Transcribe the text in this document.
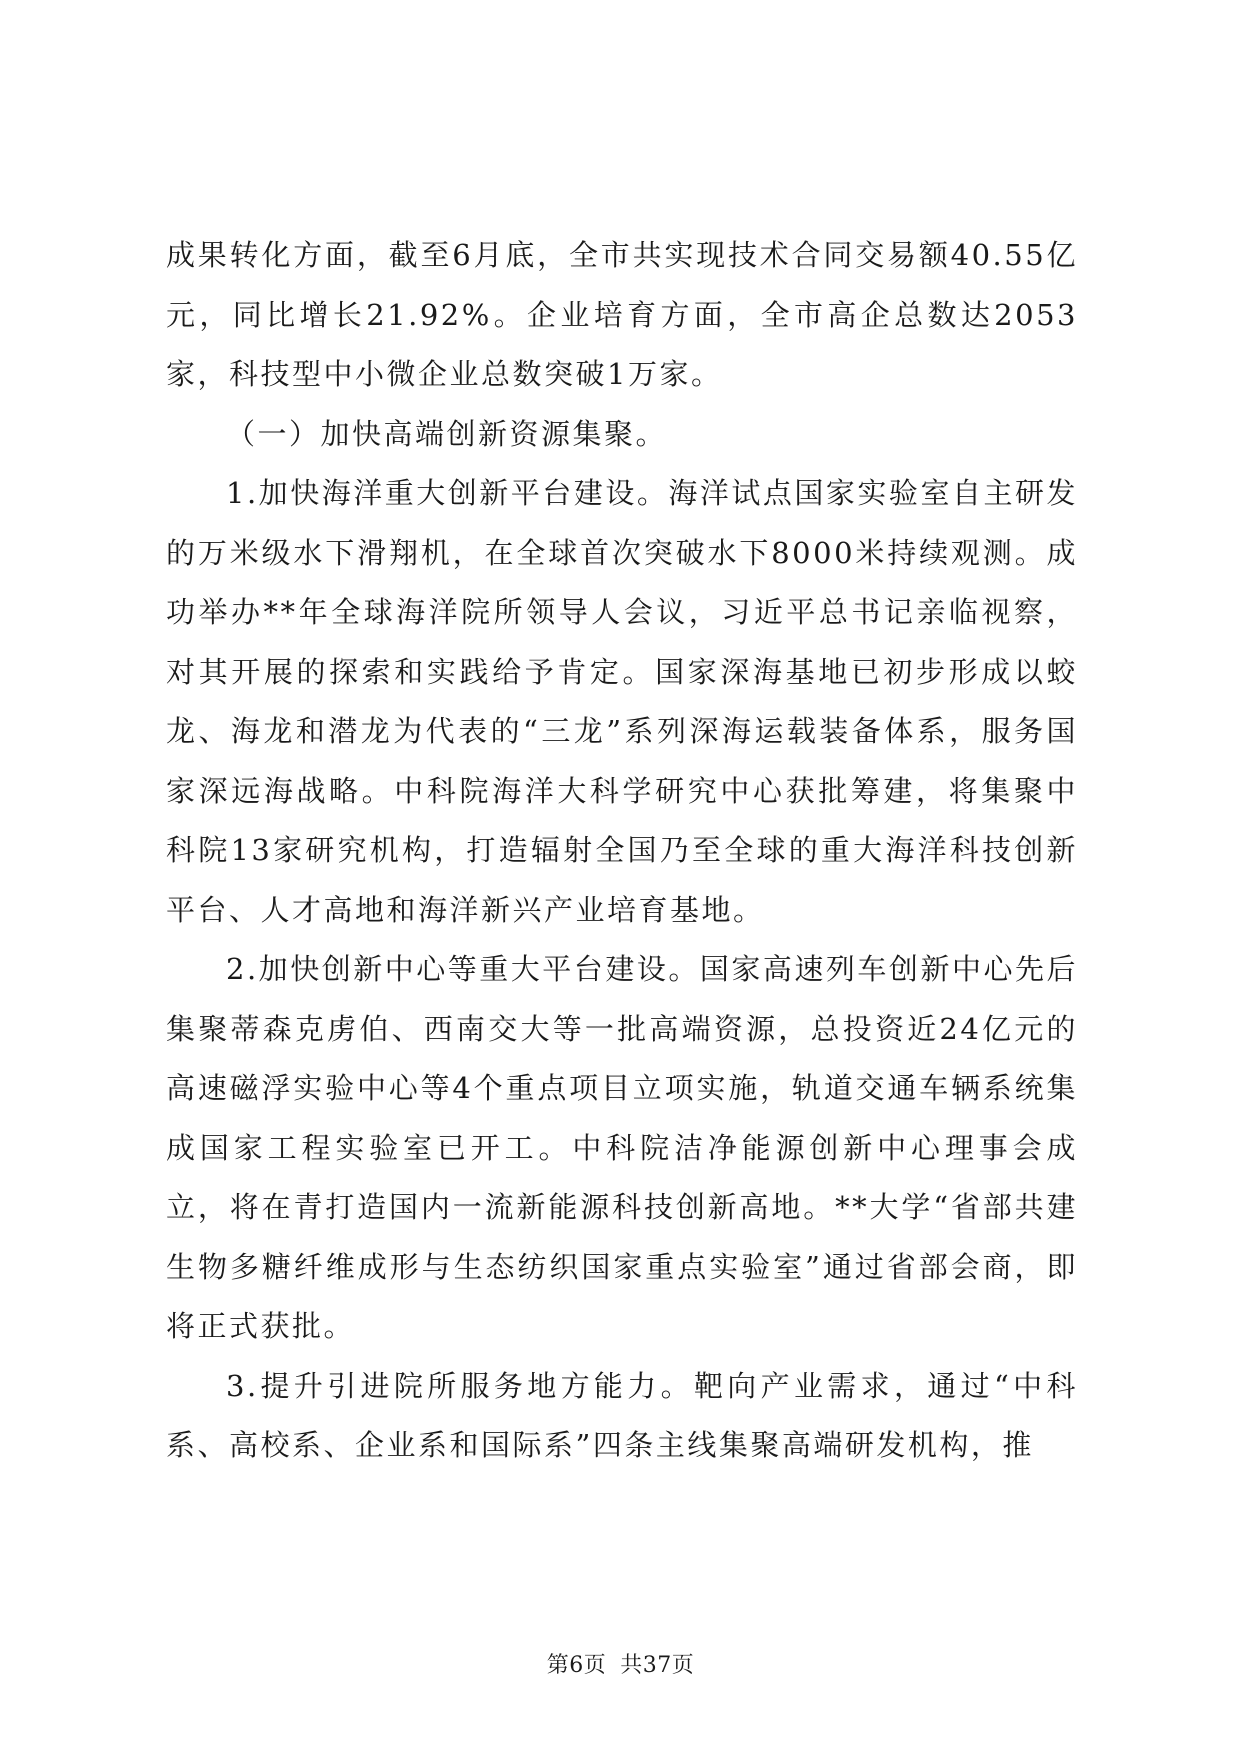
成果转化方面，截至6月底，全市共实现技术合同交易额40.55亿元，同比增长21.92%。企业培育方面，全市高企总数达2053家，科技型中小微企业总数突破1万家。

（一）加快高端创新资源集聚。

1.加快海洋重大创新平台建设。海洋试点国家实验室自主研发的万米级水下滑翔机，在全球首次突破水下8000米持续观测。成功举办**年全球海洋院所领导人会议，习近平总书记亲临视察，对其开展的探索和实践给予肯定。国家深海基地已初步形成以蛟龙、海龙和潜龙为代表的“三龙”系列深海运载装备体系，服务国家深远海战略。中科院海洋大科学研究中心获批筹建，将集聚中科院13家研究机构，打造辐射全国乃至全球的重大海洋科技创新平台、人才高地和海洋新兴产业培育基地。

2.加快创新中心等重大平台建设。国家高速列车创新中心先后集聚蒂森克虏伯、西南交大等一批高端资源，总投资近24亿元的高速磁浮实验中心等4个重点项目立项实施，轨道交通车辆系统集成国家工程实验室已开工。中科院洁净能源创新中心理事会成立，将在青打造国内一流新能源科技创新高地。**大学“省部共建生物多糖纤维成形与生态纺织国家重点实验室”通过省部会商，即将正式获批。

3.提升引进院所服务地方能力。靶向产业需求，通过“中科系、高校系、企业系和国际系”四条主线集聚高端研发机构，推

第6页 共37页
